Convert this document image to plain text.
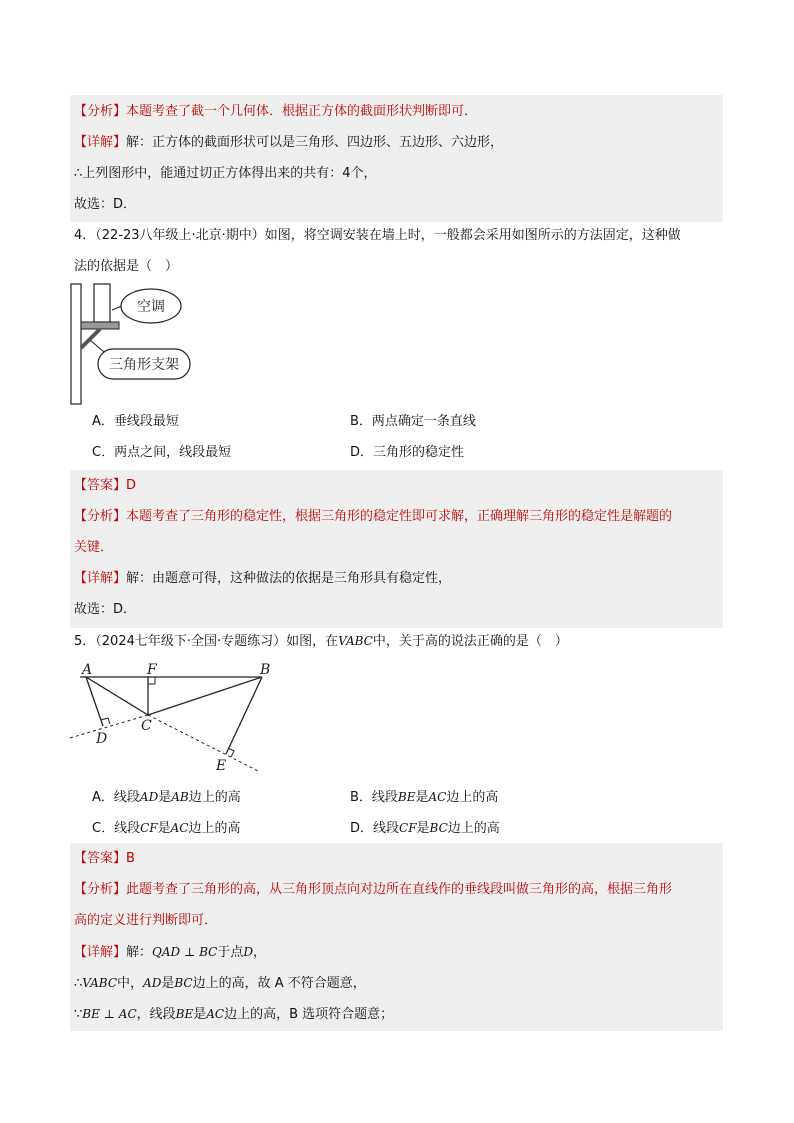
【分析】本题考查了截一个几何体．根据正方体的截面形状判断即可．
【详解】解：正方体的截面形状可以是三角形、四边形、五边形、六边形，
∴上列图形中，能通过切正方体得出来的共有：4个，
故选：D．
4．（22-23八年级上·北京·期中）如图，将空调安装在墙上时，一般都会采用如图所示的方法固定，这种做
法的依据是（　）
空调
三角形支架
A．垂线段最短	B．两点确定一条直线
C．两点之间，线段最短	D．三角形的稳定性
【答案】D
【分析】本题考查了三角形的稳定性，根据三角形的稳定性即可求解，正确理解三角形的稳定性是解题的
关键．
【详解】解：由题意可得，这种做法的依据是三角形具有稳定性，
故选：D．
5．（2024七年级下·全国·专题练习）如图，在VABC中，关于高的说法正确的是（　）
A	F	B
C
D
E
A．线段AD是AB边上的高	B．线段BE是AC边上的高
C．线段CF是AC边上的高	D．线段CF是BC边上的高
【答案】B
【分析】此题考查了三角形的高，从三角形顶点向对边所在直线作的垂线段叫做三角形的高，根据三角形
高的定义进行判断即可．
【详解】解：QAD ⊥ BC于点D，
∴VABC中，AD是BC边上的高，故 A 不符合题意，
∵BE ⊥ AC，线段BE是AC边上的高，B 选项符合题意；
